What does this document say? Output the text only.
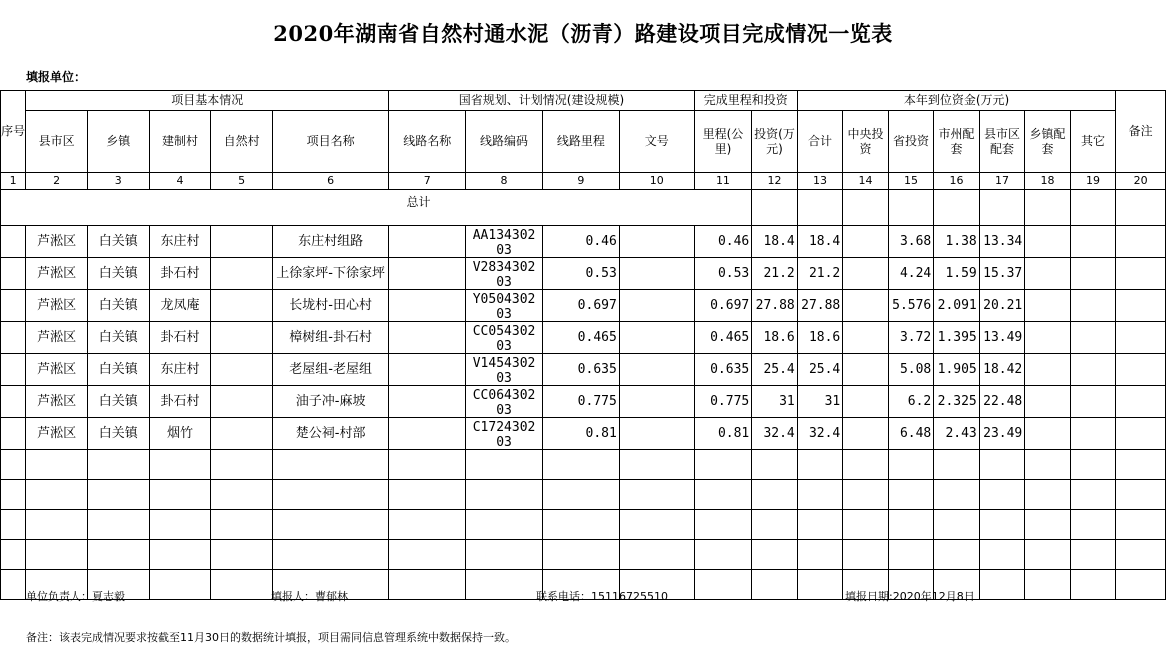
2020年湖南省自然村通水泥（沥青）路建设项目完成情况一览表
填报单位：
序号	项目基本情况					国省规划、计划情况(建设规模)				完成里程和投资		本年到位资金(万元)							备注
	县市区	乡镇	建制村	自然村	项目名称	线路名称	线路编码	线路里程	文号	里程(公里)	投资(万元)	合计	中央投资	省投资	市州配套	县市区配套	乡镇配套	其它	
1	2	3	4	5	6	7	8	9	10	11	12	13	14	15	16	17	18	19	20
	总计																		
	芦淞区	白关镇	东庄村		东庄村组路		AA134302 03	0.46		0.46	18.4	18.4		3.68	1.38	13.34			
	芦淞区	白关镇	卦石村		上徐家坪-下徐家坪		V2834302 03	0.53		0.53	21.2	21.2		4.24	1.59	15.37			
	芦淞区	白关镇	龙凤庵		长垅村-田心村		Y0504302 03	0.697		0.697	27.88	27.88		5.576	2.091	20.21			
	芦淞区	白关镇	卦石村		樟树组-卦石村		CC054302 03	0.465		0.465	18.6	18.6		3.72	1.395	13.49			
	芦淞区	白关镇	东庄村		老屋组-老屋组		V1454302 03	0.635		0.635	25.4	25.4		5.08	1.905	18.42			
	芦淞区	白关镇	卦石村		油子冲-麻坡		CC064302 03	0.775		0.775	31	31		6.2	2.325	22.48			
	芦淞区	白关镇	烟竹		楚公祠-村部		C1724302 03	0.81		0.81	32.4	32.4		6.48	2.43	23.49			

单位负责人：夏志毅	填报人：曹郁林	联系电话：15116725510	填报日期:2020年12月8日
备注：该表完成情况要求按截至11月30日的数据统计填报，项目需同信息管理系统中数据保持一致。
